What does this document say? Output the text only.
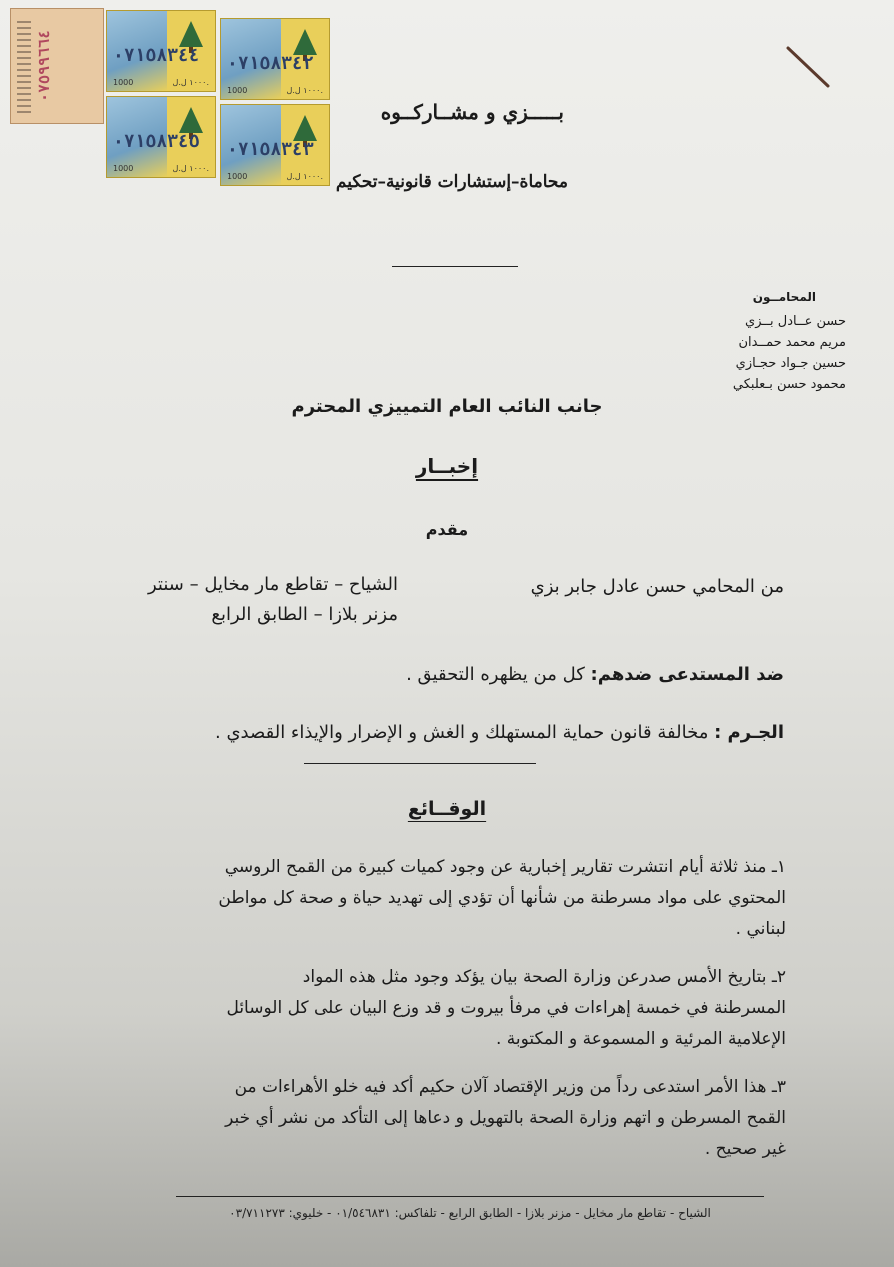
٠٧٥٩٩٦٦٤	٠٧١٥٨٣٤٤
1000	١٠٠٠ ل.ل.
٠٧١٥٨٣٤٢
1000	١٠٠٠ ل.ل.
٠٧١٥٨٣٤٥
1000	١٠٠٠ ل.ل.
٠٧١٥٨٣٤٣
1000	١٠٠٠ ل.ل.
بـــــزي و مشــاركــوه
محاماة–إستشارات قانونية–تحكيم
المحامــون
حسن عــادل بــزي
مريم محمد حمــدان
حسين جـواد حجـازي
محمود حسن بـعلبكي
جانب النائب العام التمييزي المحترم
إخبــار
مقدم
من المحامي حسن عادل جابر بزي
الشياح – تقاطع مار مخايل – سنتر
مزنر بلازا – الطابق الرابع
ضد المستدعى ضدهم: كل من يظهره التحقيق .
الجـرم : مخالفة قانون حماية المستهلك و الغش و الإضرار والإيذاء القصدي .
الوقــائع
١ـ منذ ثلاثة أيام انتشرت تقارير إخبارية عن وجود كميات كبيرة من القمح الروسي
المحتوي على مواد مسرطنة من شأنها أن تؤدي إلى تهديد حياة و صحة كل مواطن
لبناني .
٢ـ بتاريخ الأمس صدرعن وزارة الصحة بيان يؤكد وجود مثل هذه المواد
المسرطنة في خمسة إهراءات في مرفأ بيروت و قد وزع البيان على كل الوسائل
الإعلامية المرئية و المسموعة و المكتوبة .
٣ـ هذا الأمر استدعى رداً من وزير الإقتصاد آلان حكيم أكد فيه خلو الأهراءات من
القمح المسرطن و اتهم وزارة الصحة بالتهويل و دعاها إلى التأكد من نشر أي خبر
غير صحيح .
الشياح - تقاطع مار مخايل - مزنر بلازا - الطابق الرابع - تلفاكس: ٠١/٥٤٦٨٣١ - خليوي: ٠٣/٧١١٢٧٣
